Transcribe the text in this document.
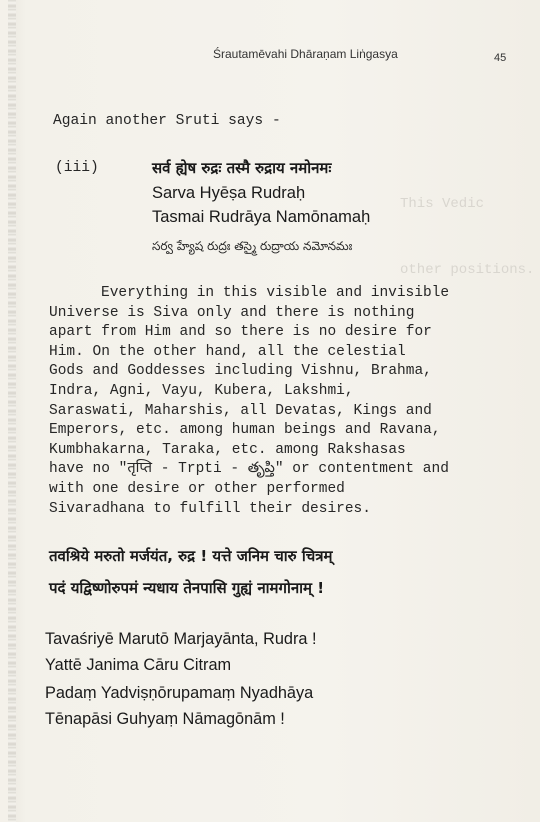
This Vedic
other positions.
Śrautamēvahi Dhāraṇam Liṅgasya	45
Again another Sruti says -
(iii)	सर्व ह्येष रुद्रः तस्मै रुद्राय नमोनमः
Sarva Hyēṣa Rudraḥ
Tasmai Rudrāya Namōnamaḥ
సర్వ హ్యేష రుద్రః తస్మై రుద్రాయ నమోనమః
Everything in this visible and invisible
Universe is Siva only and there is nothing
apart from Him and so there is no desire for
Him. On the other hand, all the celestial
Gods and Goddesses including Vishnu, Brahma,
Indra, Agni, Vayu, Kubera, Lakshmi,
Saraswati, Maharshis, all Devatas, Kings and
Emperors, etc. among human beings and Ravana,
Kumbhakarna, Taraka, etc. among Rakshasas
have no "तृप्ति - Trpti - తృప్తి" or contentment and
with one desire or other performed
Sivaradhana to fulfill their desires.
तवश्रिये मरुतो मर्जयंत, रुद्र ! यत्ते जनिम चारु चित्रम्
पदं यद्विष्णोरुपमं न्यधाय तेनपासि गुह्यं नामगोनाम् !
Tavaśriyē Marutō Marjayānta, Rudra !
Yattē Janima Cāru Citram
Padaṃ Yadviṣṇōrupamaṃ Nyadhāya
Tēnapāsi Guhyaṃ Nāmagōnām !
